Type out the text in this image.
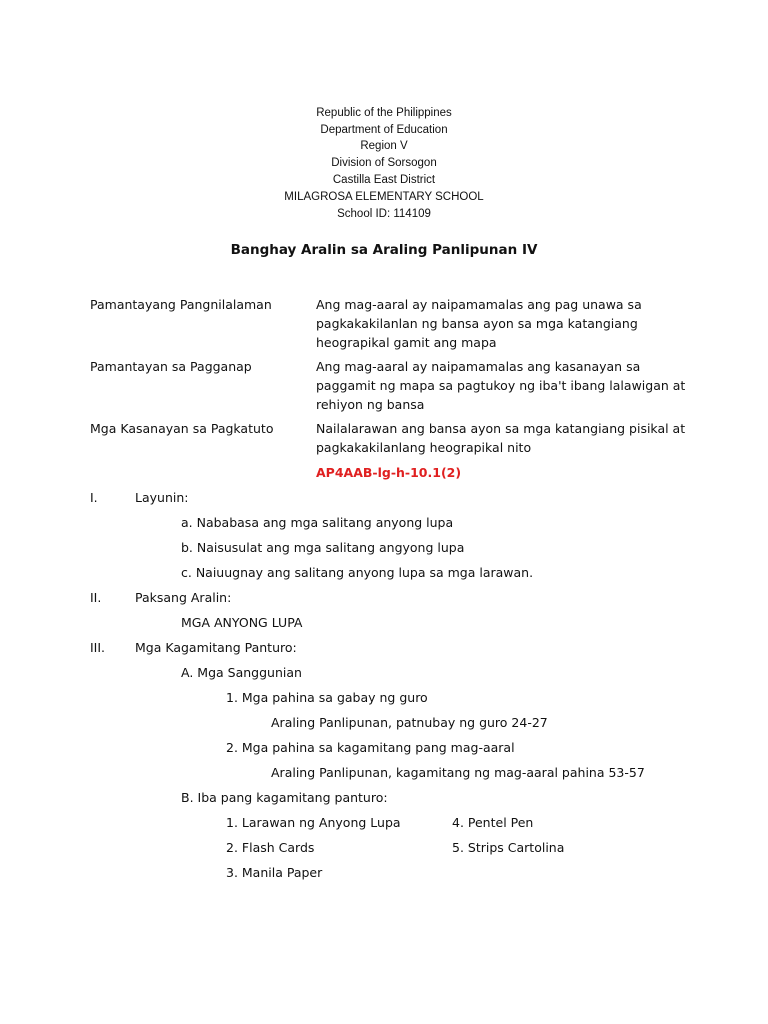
Republic of the Philippines
Department of Education
Region V
Division of Sorsogon
Castilla East District
MILAGROSA ELEMENTARY SCHOOL
School ID: 114109
Banghay Aralin sa Araling Panlipunan IV
Pamantayang Pangnilalaman	Ang mag-aaral ay naipamamalas ang pag unawa sa
pagkakakilanlan ng bansa ayon sa mga katangiang
heograpikal gamit ang mapa
Pamantayan sa Pagganap	Ang mag-aaral ay naipamamalas ang kasanayan sa
paggamit ng mapa sa pagtukoy ng iba't ibang lalawigan at
rehiyon ng bansa
Mga Kasanayan sa Pagkatuto	Nailalarawan ang bansa ayon sa mga katangiang pisikal at
pagkakakilanlang heograpikal nito
AP4AAB-lg-h-10.1(2)
I.	Layunin:
a. Nababasa ang mga salitang anyong lupa
b. Naisusulat ang mga salitang angyong lupa
c. Naiuugnay ang salitang anyong lupa sa mga larawan.
II.	Paksang Aralin:
MGA ANYONG LUPA
III. Mga Kagamitang Panturo:
A. Mga Sanggunian
1. Mga pahina sa gabay ng guro
Araling Panlipunan, patnubay ng guro 24-27
2. Mga pahina sa kagamitang pang mag-aaral
Araling Panlipunan, kagamitang ng mag-aaral pahina 53-57
B. Iba pang kagamitang panturo:
1. Larawan ng Anyong Lupa	4. Pentel Pen
2. Flash Cards	5. Strips Cartolina
3. Manila Paper
